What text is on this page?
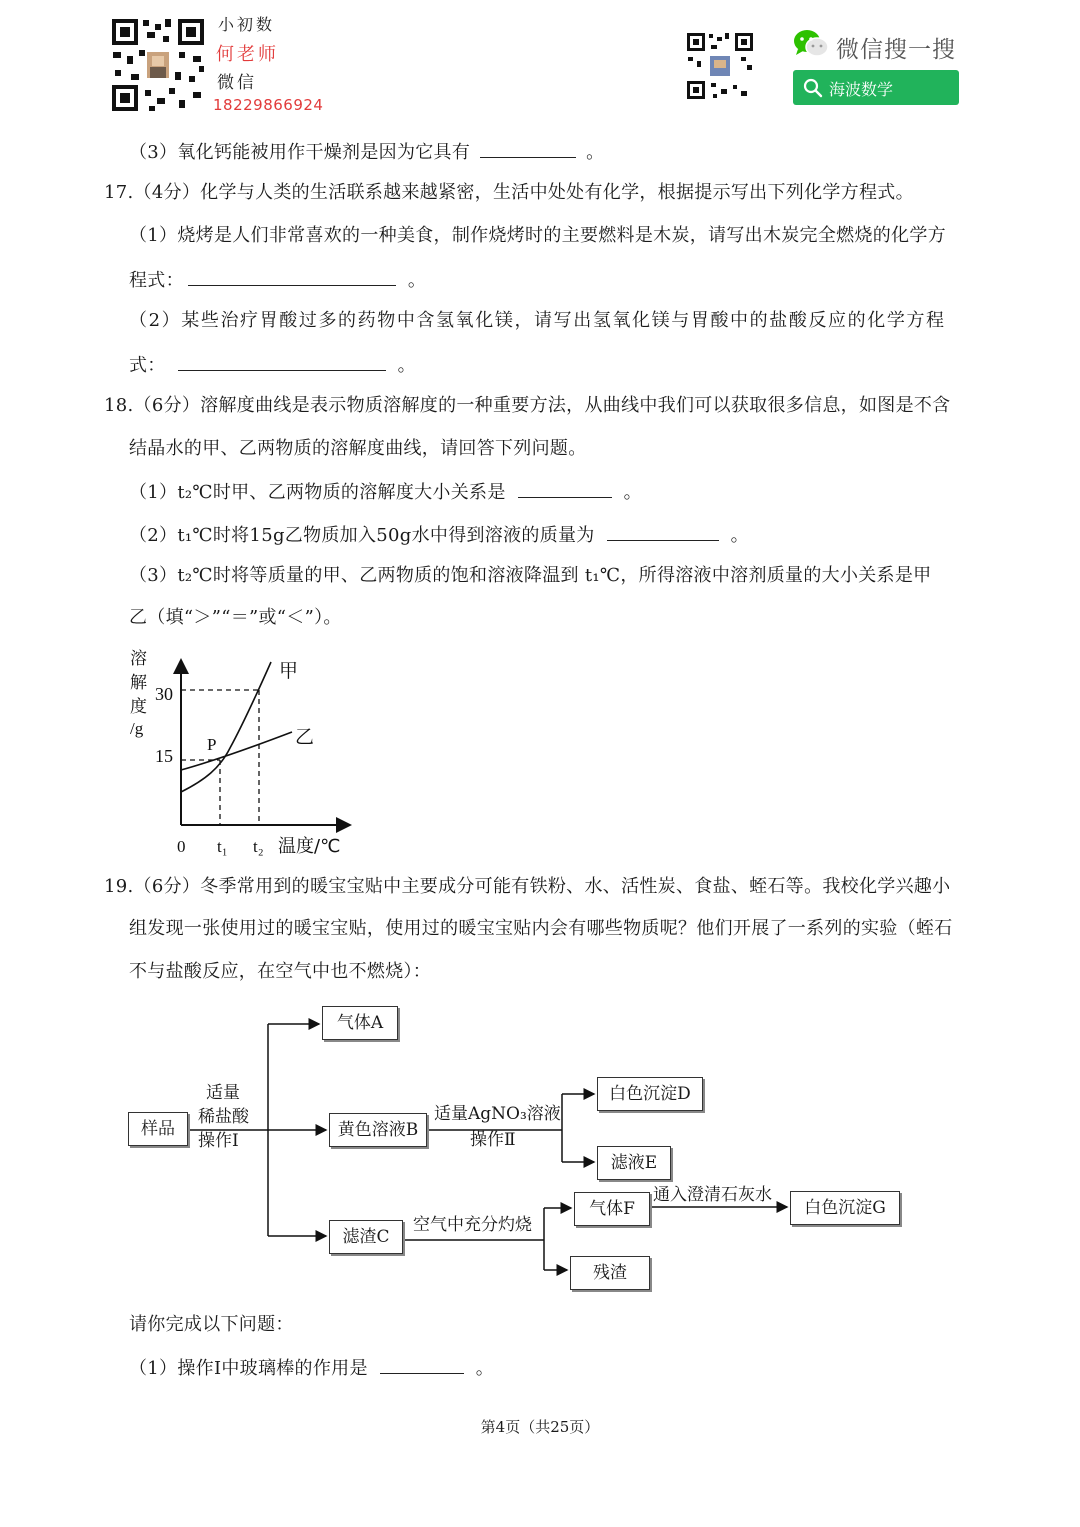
小初数
何老师
微信
18229866924
微信搜一搜
海波数学
（3）氧化钙能被用作干燥剂是因为它具有	。
17.（4分）化学与人类的生活联系越来越紧密，生活中处处有化学，根据提示写出下列化学方程式。
（1）烧烤是人们非常喜欢的一种美食，制作烧烤时的主要燃料是木炭，请写出木炭完全燃烧的化学方
程式：	。
（2）某些治疗胃酸过多的药物中含氢氧化镁，请写出氢氧化镁与胃酸中的盐酸反应的化学方程
式：	。
18.（6分）溶解度曲线是表示物质溶解度的一种重要方法，从曲线中我们可以获取很多信息，如图是不含
结晶水的甲、乙两物质的溶解度曲线，请回答下列问题。
（1）t₂℃时甲、乙两物质的溶解度大小关系是	。
（2）t₁℃时将15g乙物质加入50g水中得到溶液的质量为	。
（3）t₂℃时将等质量的甲、乙两物质的饱和溶液降温到 t₁℃，所得溶液中溶剂质量的大小关系是甲
乙（填“＞”“＝”或“＜”）。
甲
乙
P
30
15
溶
解
度
/g
0 t₁ t₂ 温度/℃
19.（6分）冬季常用到的暖宝宝贴中主要成分可能有铁粉、水、活性炭、食盐、蛭石等。我校化学兴趣小
组发现一张使用过的暖宝宝贴，使用过的暖宝宝贴内会有哪些物质呢？他们开展了一系列的实验（蛭石
不与盐酸反应，在空气中也不燃烧）：
样品
气体A
黄色溶液B
滤渣C
白色沉淀D
滤液E
气体F
残渣
白色沉淀G
适量
稀盐酸
操作Ⅰ
适量AgNO₃溶液
操作Ⅱ
空气中充分灼烧
通入澄清石灰水
请你完成以下问题：
（1）操作Ⅰ中玻璃棒的作用是	。
第4页（共25页）
